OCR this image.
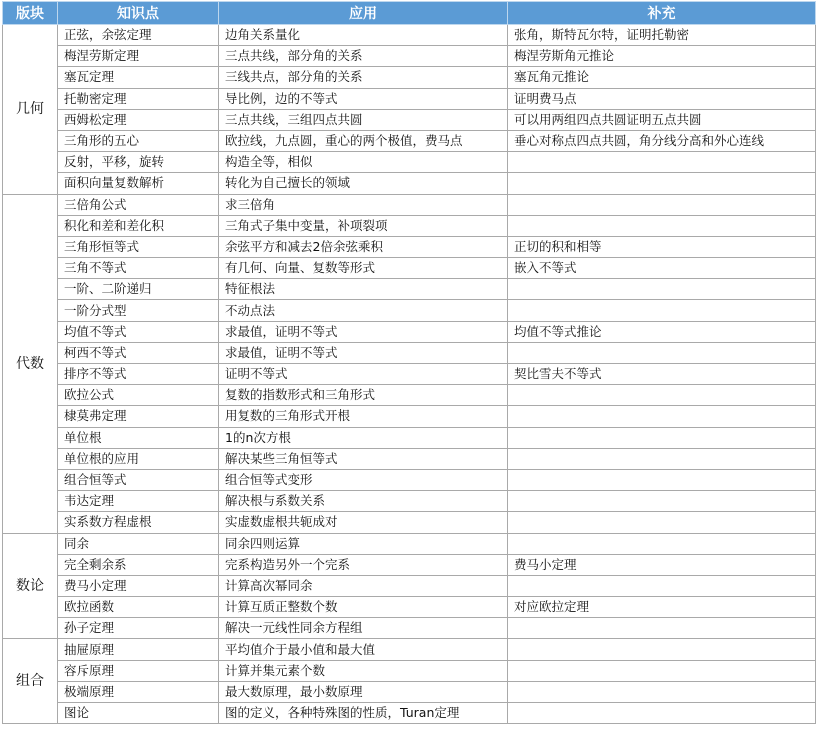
版块	知识点	应用	补充
几何	正弦，余弦定理	边角关系量化	张角，斯特瓦尔特，证明托勒密
	梅涅劳斯定理	三点共线，部分角的关系	梅涅劳斯角元推论
	塞瓦定理	三线共点，部分角的关系	塞瓦角元推论
	托勒密定理	导比例，边的不等式	证明费马点
	西姆松定理	三点共线，三组四点共圆	可以用两组四点共圆证明五点共圆
	三角形的五心	欧拉线，九点圆，重心的两个极值，费马点	垂心对称点四点共圆，角分线分高和外心连线
	反射，平移，旋转	构造全等，相似	
	面积向量复数解析	转化为自己擅长的领域	
代数	三倍角公式	求三倍角	
	积化和差和差化积	三角式子集中变量，补项裂项	
	三角形恒等式	余弦平方和减去2倍余弦乘积	正切的积和相等
	三角不等式	有几何、向量、复数等形式	嵌入不等式
	一阶、二阶递归	特征根法	
	一阶分式型	不动点法	
	均值不等式	求最值，证明不等式	均值不等式推论
	柯西不等式	求最值，证明不等式	
	排序不等式	证明不等式	契比雪夫不等式
	欧拉公式	复数的指数形式和三角形式	
	棣莫弗定理	用复数的三角形式开根	
	单位根	1的n次方根	
	单位根的应用	解决某些三角恒等式	
	组合恒等式	组合恒等式变形	
	韦达定理	解决根与系数关系	
	实系数方程虚根	实虚数虚根共轭成对	
数论	同余	同余四则运算	
	完全剩余系	完系构造另外一个完系	费马小定理
	费马小定理	计算高次幂同余	
	欧拉函数	计算互质正整数个数	对应欧拉定理
	孙子定理	解决一元线性同余方程组	
组合	抽屉原理	平均值介于最小值和最大值	
	容斥原理	计算并集元素个数	
	极端原理	最大数原理，最小数原理	
	图论	图的定义，各种特殊图的性质，Turan定理	
